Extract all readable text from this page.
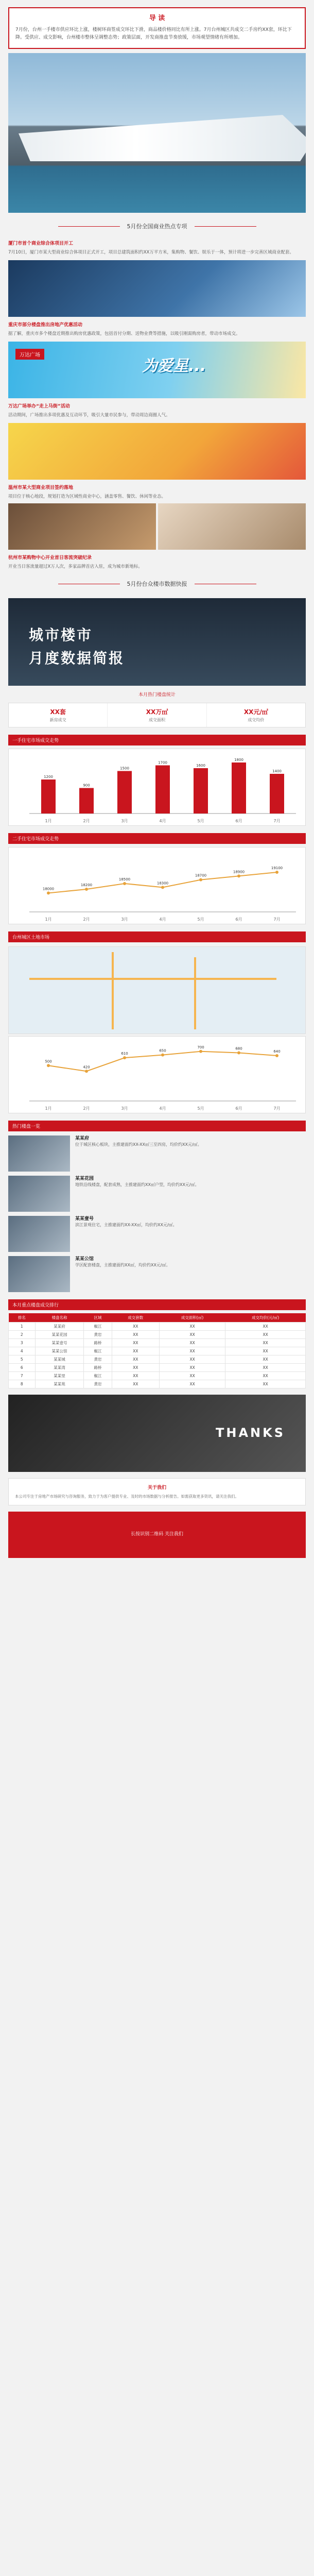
导 读

7月份，台州一手楼市供应环比上涨，楼树环商签成交环比下滑，商品楼价格同比有所上涨。7月台州城区共成交二手房约XX套，环比下降。受供应、成交影响，台州楼市整体呈调整态势；政策层面，开发商推盘节奏放缓，市场观望情绪有所增加。

5月份全国商业热点专项
厦门市首个商业综合体项目开工

7月10日，厦门市某大型商业综合体项目正式开工，项目总建筑面积约XX万平方米，集购物、餐饮、娱乐于一体，预计将进一步完善区域商业配套。

重庆市部分楼盘推出房地产优惠活动

据了解，重庆市多个楼盘近期推出购房优惠政策，包括首付分期、送物业费等措施，以吸引刚需购房者，带动市场成交。

万达广场
为爱星...
万达广场举办“走上马街”活动

活动期间，广场推出多项优惠及互动环节，吸引大量市民参与，带动周边商圈人气。

温州市某大型商业项目签约落地

项目位于核心地段，规划打造为区域性商业中心，涵盖零售、餐饮、休闲等业态。

杭州市某购物中心开业首日客流突破纪录

开业当日客流量超过X万人次，多家品牌首店入驻，成为城市新地标。

5月份台众楼市数据快报
城市楼市
月度数据简报
本月热门楼盘统计
XX套
新房成交
XX万㎡
成交面积
XX元/㎡
成交均价
一手住宅市场成交走势
1月	2月	3月	4月	5月	6月	7月
1200
900
1500
1700
1600
1800
1400
二手住宅市场成交走势
1月	2月	3月	4月	5月	6月	7月
18000
18200
18500
18300
18700
18900
19100
台州城区土地市场
1月	2月	3月	4月	5月	6月	7月
500
420
610
650
700	680
640
热门楼盘一览
某某府
位于城区核心板块，主推建面约XX-XX㎡三至四房，均价约XX元/㎡。
某某花园
地铁沿线楼盘，配套成熟，主推建面约XX㎡户型，均价约XX元/㎡。
某某壹号
滨江景观住宅，主推建面约XX-XX㎡，均价约XX元/㎡。
某某公馆
学区配套楼盘，主推建面约XX㎡，均价约XX元/㎡。
本月重点楼盘成交排行
排名	楼盘名称	区域	成交套数	成交面积(㎡)	成交均价(元/㎡)
1	某某府	椒江	XX	XX	XX
2	某某花园	黄岩	XX	XX	XX
3	某某壹号	路桥	XX	XX	XX
4	某某公馆	椒江	XX	XX	XX
5	某某城	黄岩	XX	XX	XX
6	某某湾	路桥	XX	XX	XX
7	某某里	椒江	XX	XX	XX
8	某某苑	黄岩	XX	XX	XX
THANKS
关于我们

本公司专注于房地产市场研究与咨询服务，致力于为客户提供专业、及时的市场数据与分析报告。如需获取更多资讯，请关注我们。

长按识别二维码 关注我们
